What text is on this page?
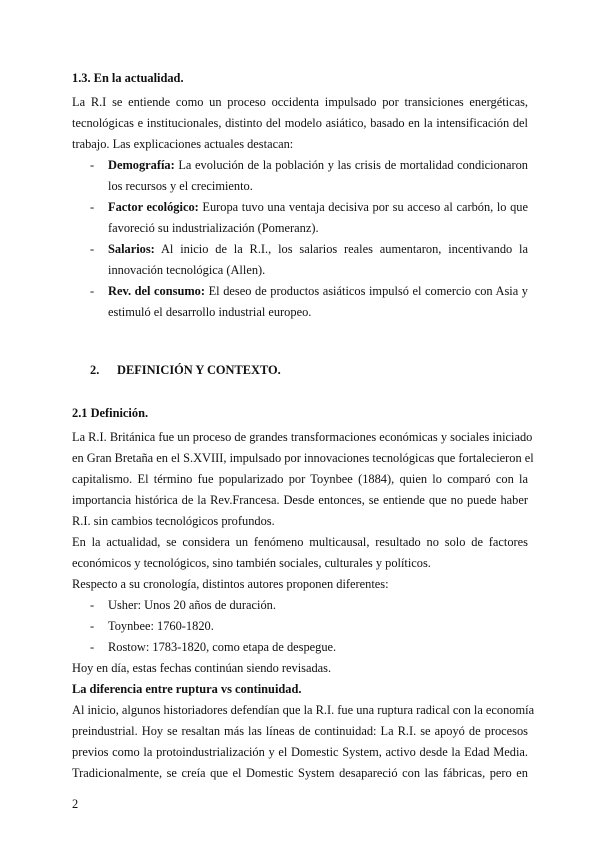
1.3. En la actualidad.

La R.I se entiende como un proceso occidenta impulsado por transiciones energéticas,
tecnológicas e institucionales, distinto del modelo asiático, basado en la intensificación del
trabajo. Las explicaciones actuales destacan:

- Demografía: La evolución de la población y las crisis de mortalidad condicionaron
los recursos y el crecimiento.
- Factor ecológico: Europa tuvo una ventaja decisiva por su acceso al carbón, lo que
favoreció su industrialización (Pomeranz).
- Salarios: Al inicio de la R.I., los salarios reales aumentaron, incentivando la
innovación tecnológica (Allen).
- Rev. del consumo: El deseo de productos asiáticos impulsó el comercio con Asia y
estimuló el desarrollo industrial europeo.
2. DEFINICIÓN Y CONTEXTO.
2.1 Definición.

La R.I. Británica fue un proceso de grandes transformaciones económicas y sociales iniciado
en Gran Bretaña en el S.XVIII, impulsado por innovaciones tecnológicas que fortalecieron el
capitalismo. El término fue popularizado por Toynbee (1884), quien lo comparó con la
importancia histórica de la Rev.Francesa. Desde entonces, se entiende que no puede haber
R.I. sin cambios tecnológicos profundos.
En la actualidad, se considera un fenómeno multicausal, resultado no solo de factores
económicos y tecnológicos, sino también sociales, culturales y políticos.
Respecto a su cronología, distintos autores proponen diferentes:

- Usher: Unos 20 años de duración.
- Toynbee: 1760-1820.
- Rostow: 1783-1820, como etapa de despegue.

Hoy en día, estas fechas continúan siendo revisadas.

La diferencia entre ruptura vs continuidad.

Al inicio, algunos historiadores defendían que la R.I. fue una ruptura radical con la economía
preindustrial. Hoy se resaltan más las líneas de continuidad: La R.I. se apoyó de procesos
previos como la protoindustrialización y el Domestic System, activo desde la Edad Media.
Tradicionalmente, se creía que el Domestic System desapareció con las fábricas, pero en

2
